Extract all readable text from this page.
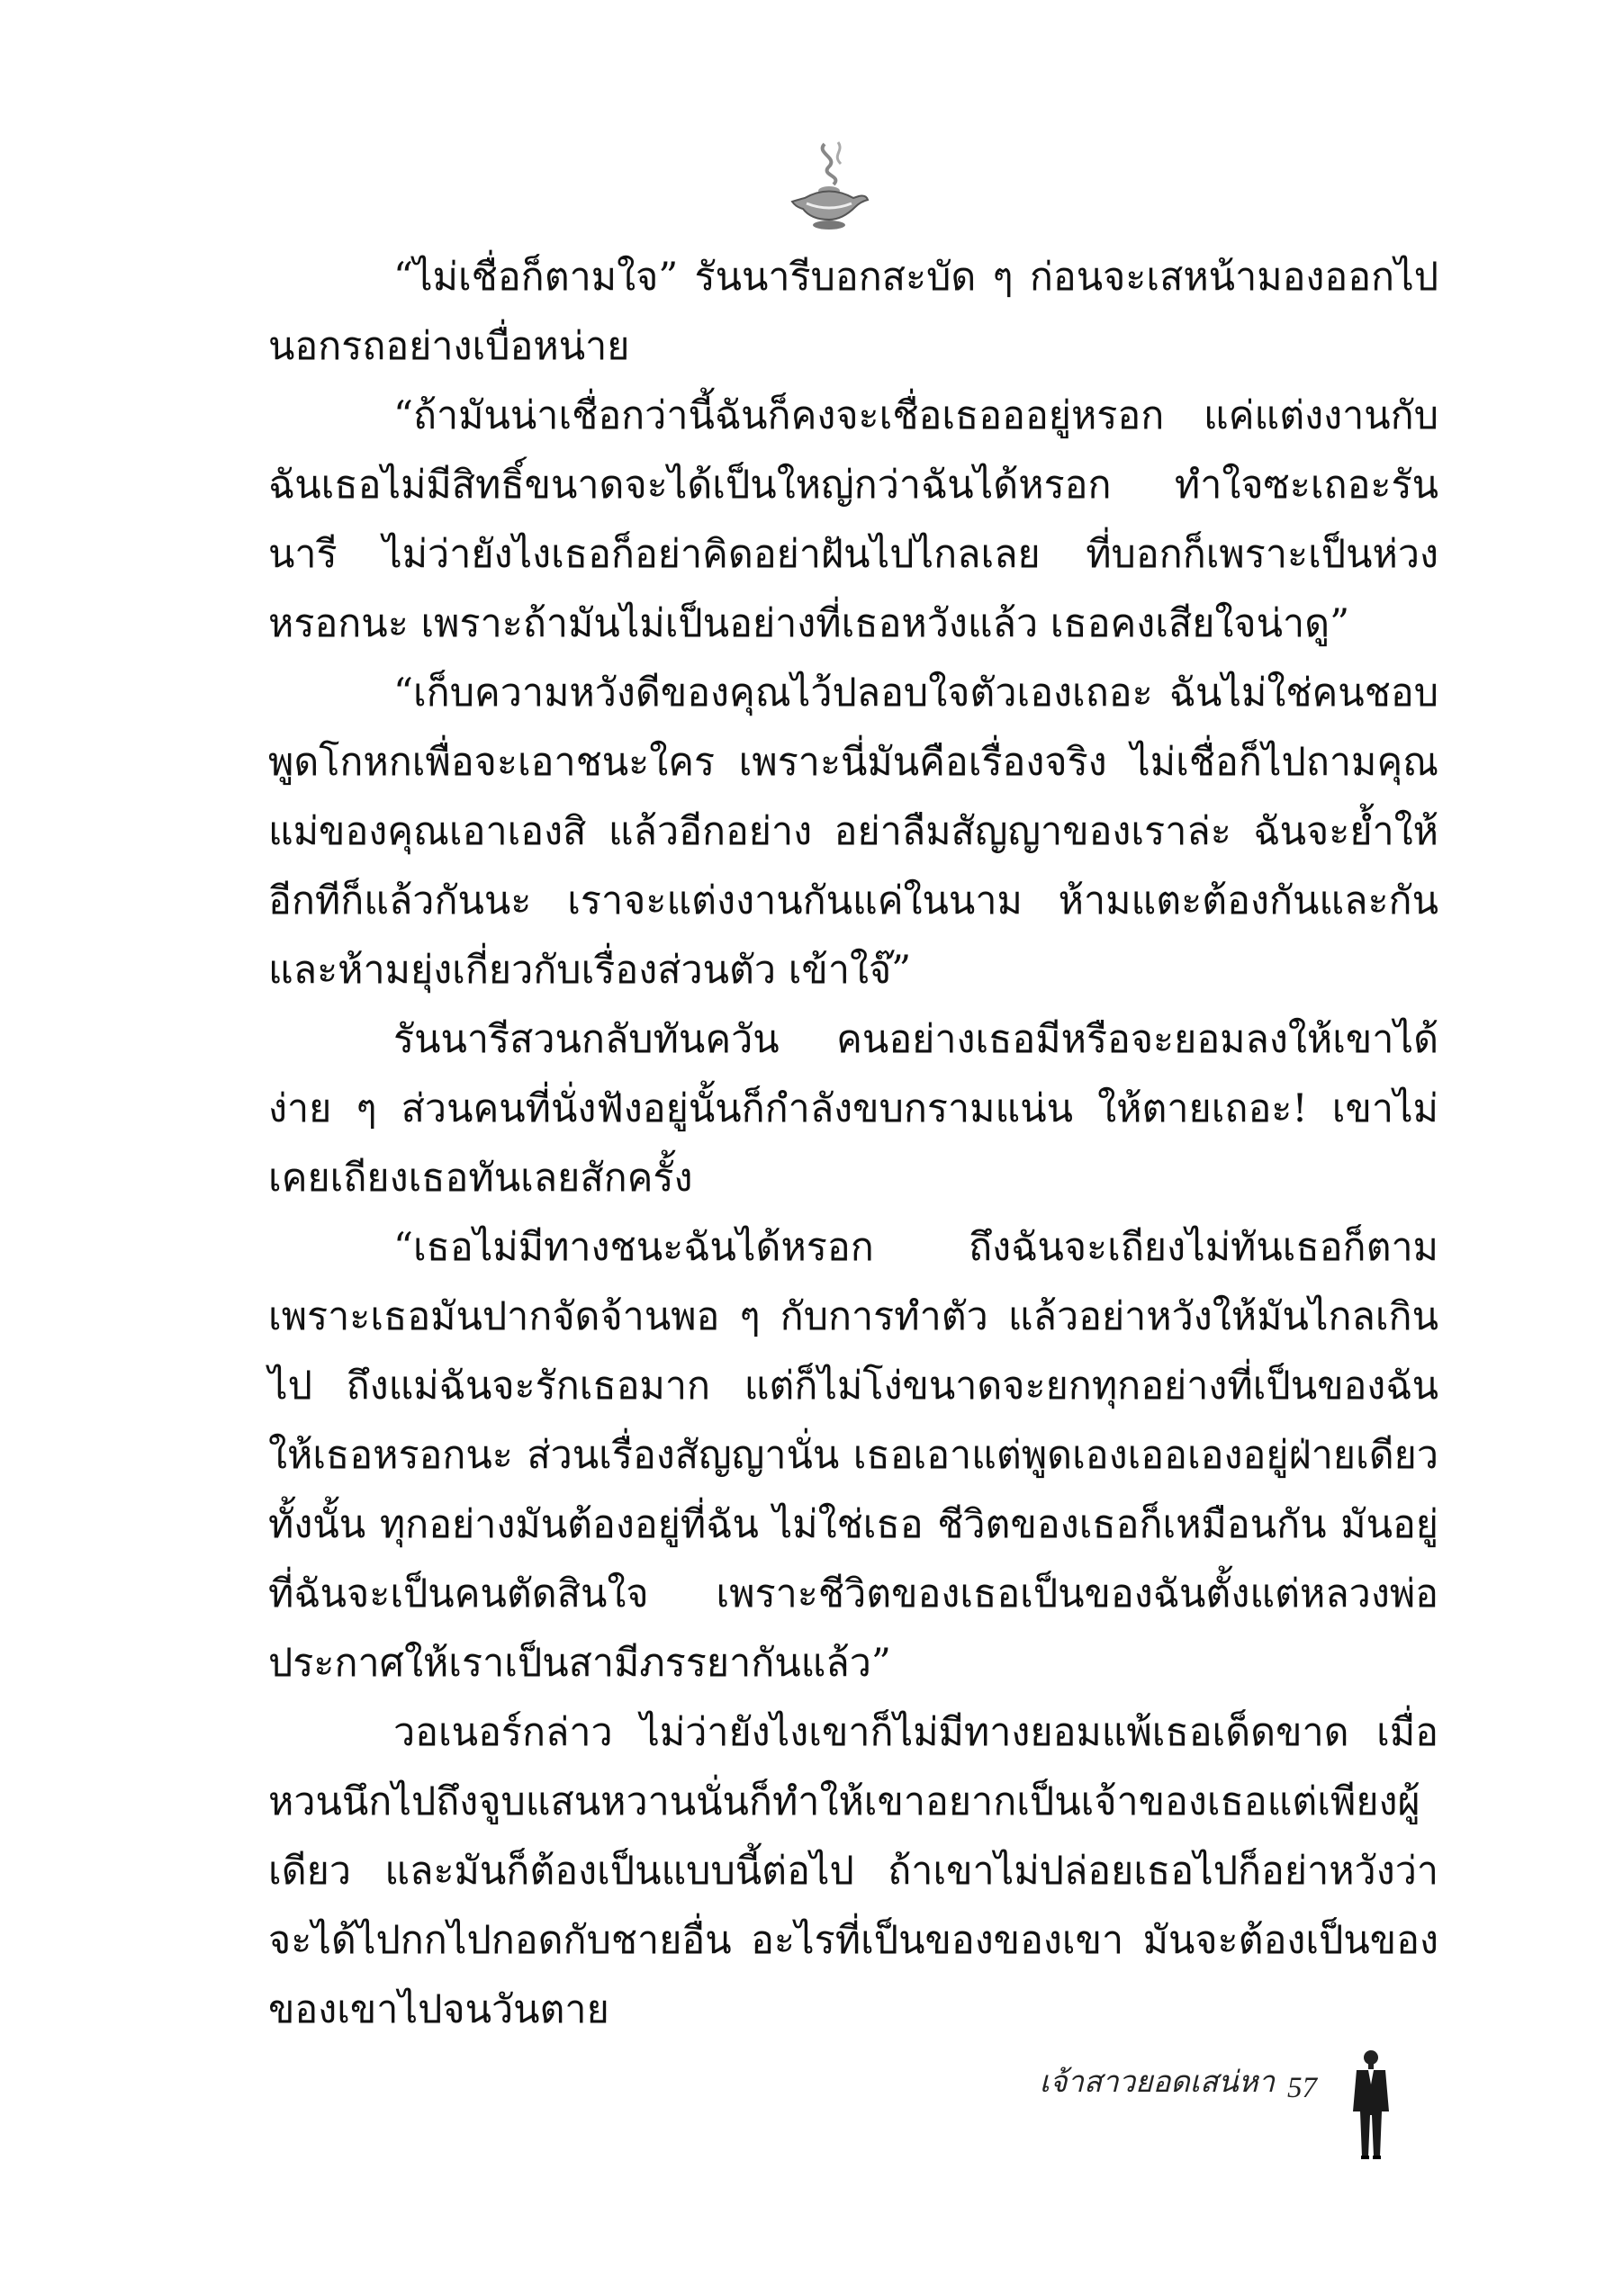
“ไม่เชื่อก็ตามใจ” รันนารีบอกสะบัด ๆ ก่อนจะเสหน้ามองออกไปนอกรถอย่างเบื่อหน่าย

“ถ้ามันน่าเชื่อกว่านี้ฉันก็คงจะเชื่อเธอออยู่หรอก แค่แต่งงานกับฉันเธอไม่มีสิทธิ์ขนาดจะได้เป็นใหญ่กว่าฉันได้หรอก ทำใจซะเถอะรันนารี ไม่ว่ายังไงเธอก็อย่าคิดอย่าฝันไปไกลเลย ที่บอกก็เพราะเป็นห่วงหรอกนะ เพราะถ้ามันไม่เป็นอย่างที่เธอหวังแล้ว เธอคงเสียใจน่าดู”

“เก็บความหวังดีของคุณไว้ปลอบใจตัวเองเถอะ ฉันไม่ใช่คนชอบพูดโกหกเพื่อจะเอาชนะใคร เพราะนี่มันคือเรื่องจริง ไม่เชื่อก็ไปถามคุณแม่ของคุณเอาเองสิ แล้วอีกอย่าง อย่าลืมสัญญาของเราล่ะ ฉันจะย้ำให้อีกทีก็แล้วกันนะ เราจะแต่งงานกันแค่ในนาม ห้ามแตะต้องกันและกัน และห้ามยุ่งเกี่ยวกับเรื่องส่วนตัว เข้าใจ๊”

รันนารีสวนกลับทันควัน คนอย่างเธอมีหรือจะยอมลงให้เขาได้ง่าย ๆ ส่วนคนที่นั่งฟังอยู่นั้นก็กำลังขบกรามแน่น ให้ตายเถอะ! เขาไม่เคยเถียงเธอทันเลยสักครั้ง

“เธอไม่มีทางชนะฉันได้หรอก ถึงฉันจะเถียงไม่ทันเธอก็ตาม เพราะเธอมันปากจัดจ้านพอ ๆ กับการทำตัว แล้วอย่าหวังให้มันไกลเกินไป ถึงแม่ฉันจะรักเธอมาก แต่ก็ไม่โง่ขนาดจะยกทุกอย่างที่เป็นของฉันให้เธอหรอกนะ ส่วนเรื่องสัญญานั่น เธอเอาแต่พูดเองเออเองอยู่ฝ่ายเดียวทั้งนั้น ทุกอย่างมันต้องอยู่ที่ฉัน ไม่ใช่เธอ ชีวิตของเธอก็เหมือนกัน มันอยู่ที่ฉันจะเป็นคนตัดสินใจ เพราะชีวิตของเธอเป็นของฉันตั้งแต่หลวงพ่อประกาศให้เราเป็นสามีภรรยากันแล้ว”

วอเนอร์กล่าว ไม่ว่ายังไงเขาก็ไม่มีทางยอมแพ้เธอเด็ดขาด เมื่อหวนนึกไปถึงจูบแสนหวานนั่นก็ทำให้เขาอยากเป็นเจ้าของเธอแต่เพียงผู้เดียว และมันก็ต้องเป็นแบบนี้ต่อไป ถ้าเขาไม่ปล่อยเธอไปก็อย่าหวังว่าจะได้ไปกกไปกอดกับชายอื่น อะไรที่เป็นของของเขา มันจะต้องเป็นของของเขาไปจนวันตาย

เจ้าสาวยอดเสน่หา 57
